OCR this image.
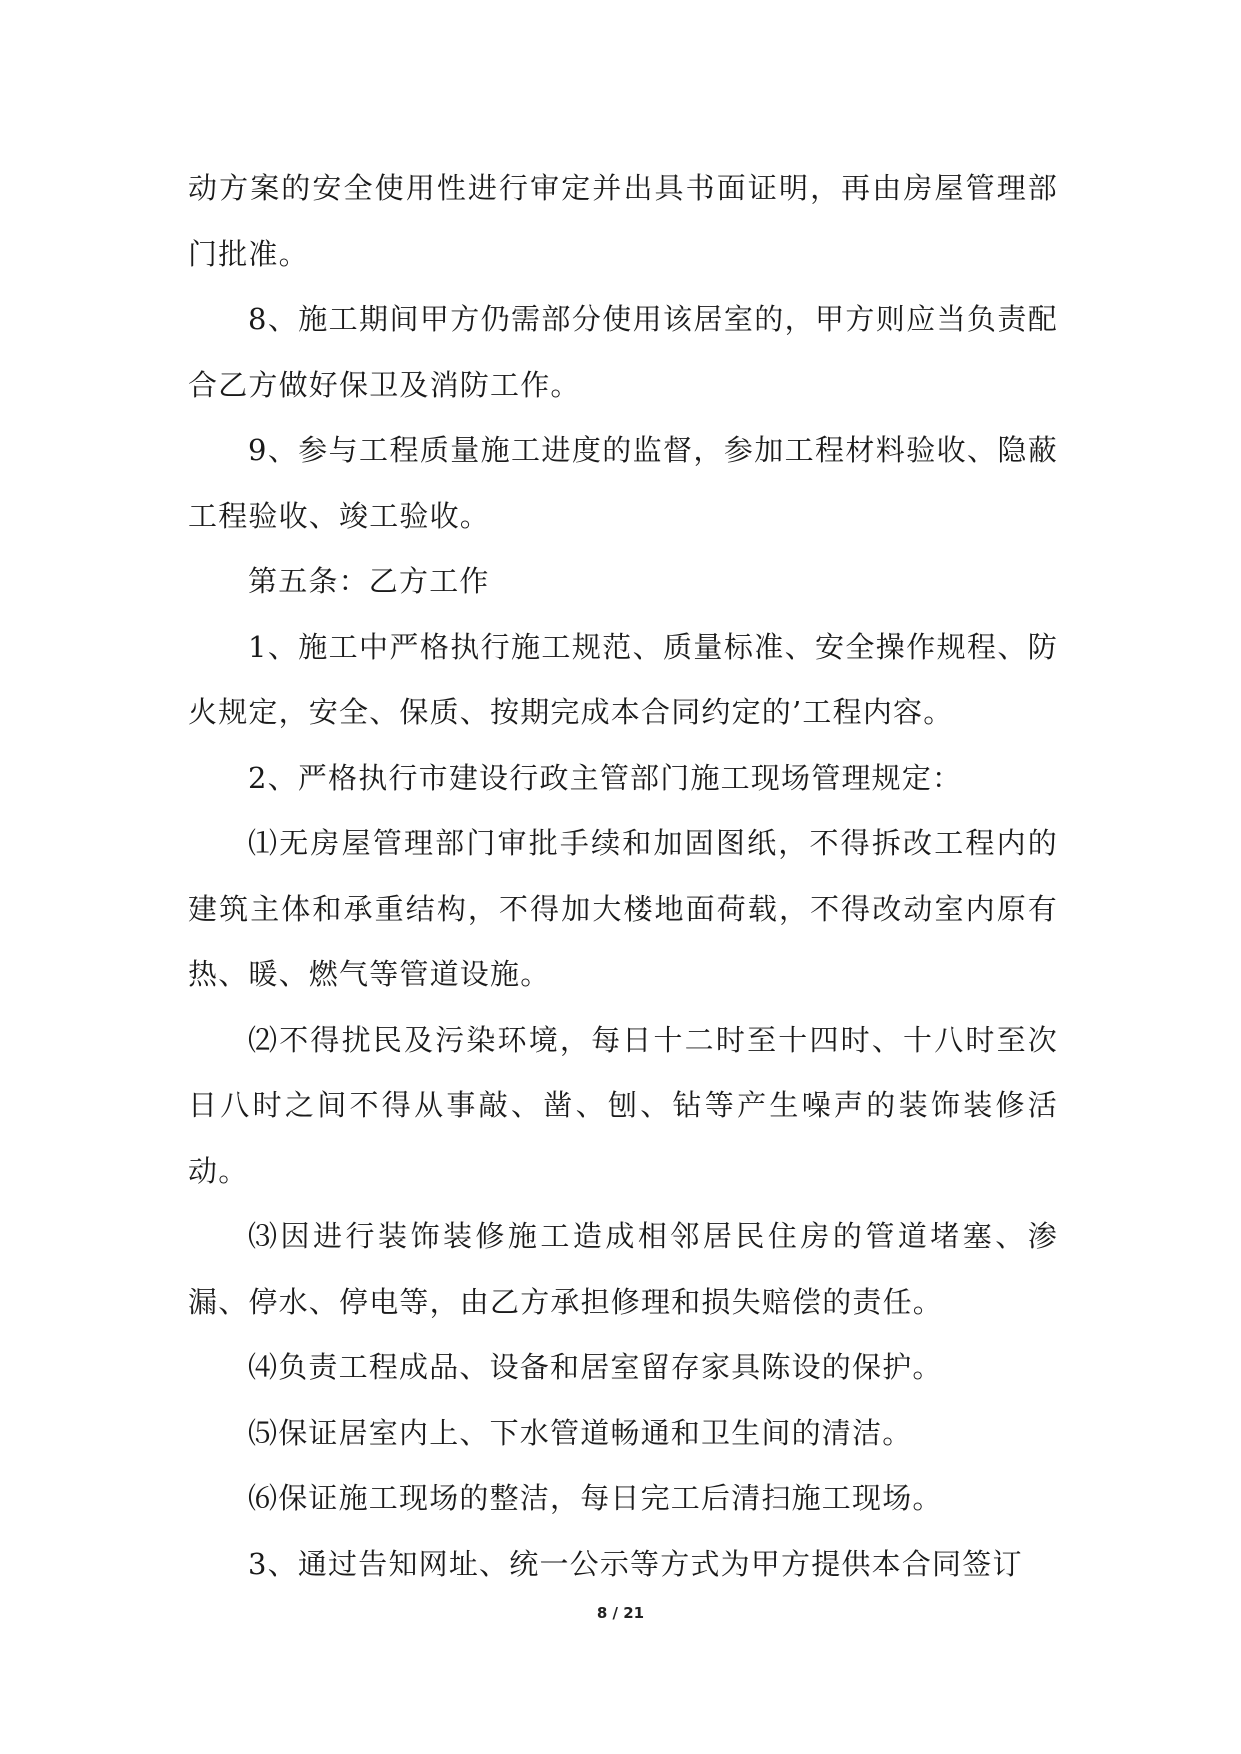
动方案的安全使用性进行审定并出具书面证明，再由房屋管理部门批准。

8、施工期间甲方仍需部分使用该居室的，甲方则应当负责配合乙方做好保卫及消防工作。

9、参与工程质量施工进度的监督，参加工程材料验收、隐蔽工程验收、竣工验收。

第五条：乙方工作

1、施工中严格执行施工规范、质量标准、安全操作规程、防火规定，安全、保质、按期完成本合同约定的’工程内容。

2、严格执行市建设行政主管部门施工现场管理规定：

⑴无房屋管理部门审批手续和加固图纸，不得拆改工程内的建筑主体和承重结构，不得加大楼地面荷载，不得改动室内原有热、暖、燃气等管道设施。

⑵不得扰民及污染环境，每日十二时至十四时、十八时至次日八时之间不得从事敲、凿、刨、钻等产生噪声的装饰装修活动。

⑶因进行装饰装修施工造成相邻居民住房的管道堵塞、渗漏、停水、停电等，由乙方承担修理和损失赔偿的责任。

⑷负责工程成品、设备和居室留存家具陈设的保护。

⑸保证居室内上、下水管道畅通和卫生间的清洁。

⑹保证施工现场的整洁，每日完工后清扫施工现场。

3、通过告知网址、统一公示等方式为甲方提供本合同签订

8 / 21
